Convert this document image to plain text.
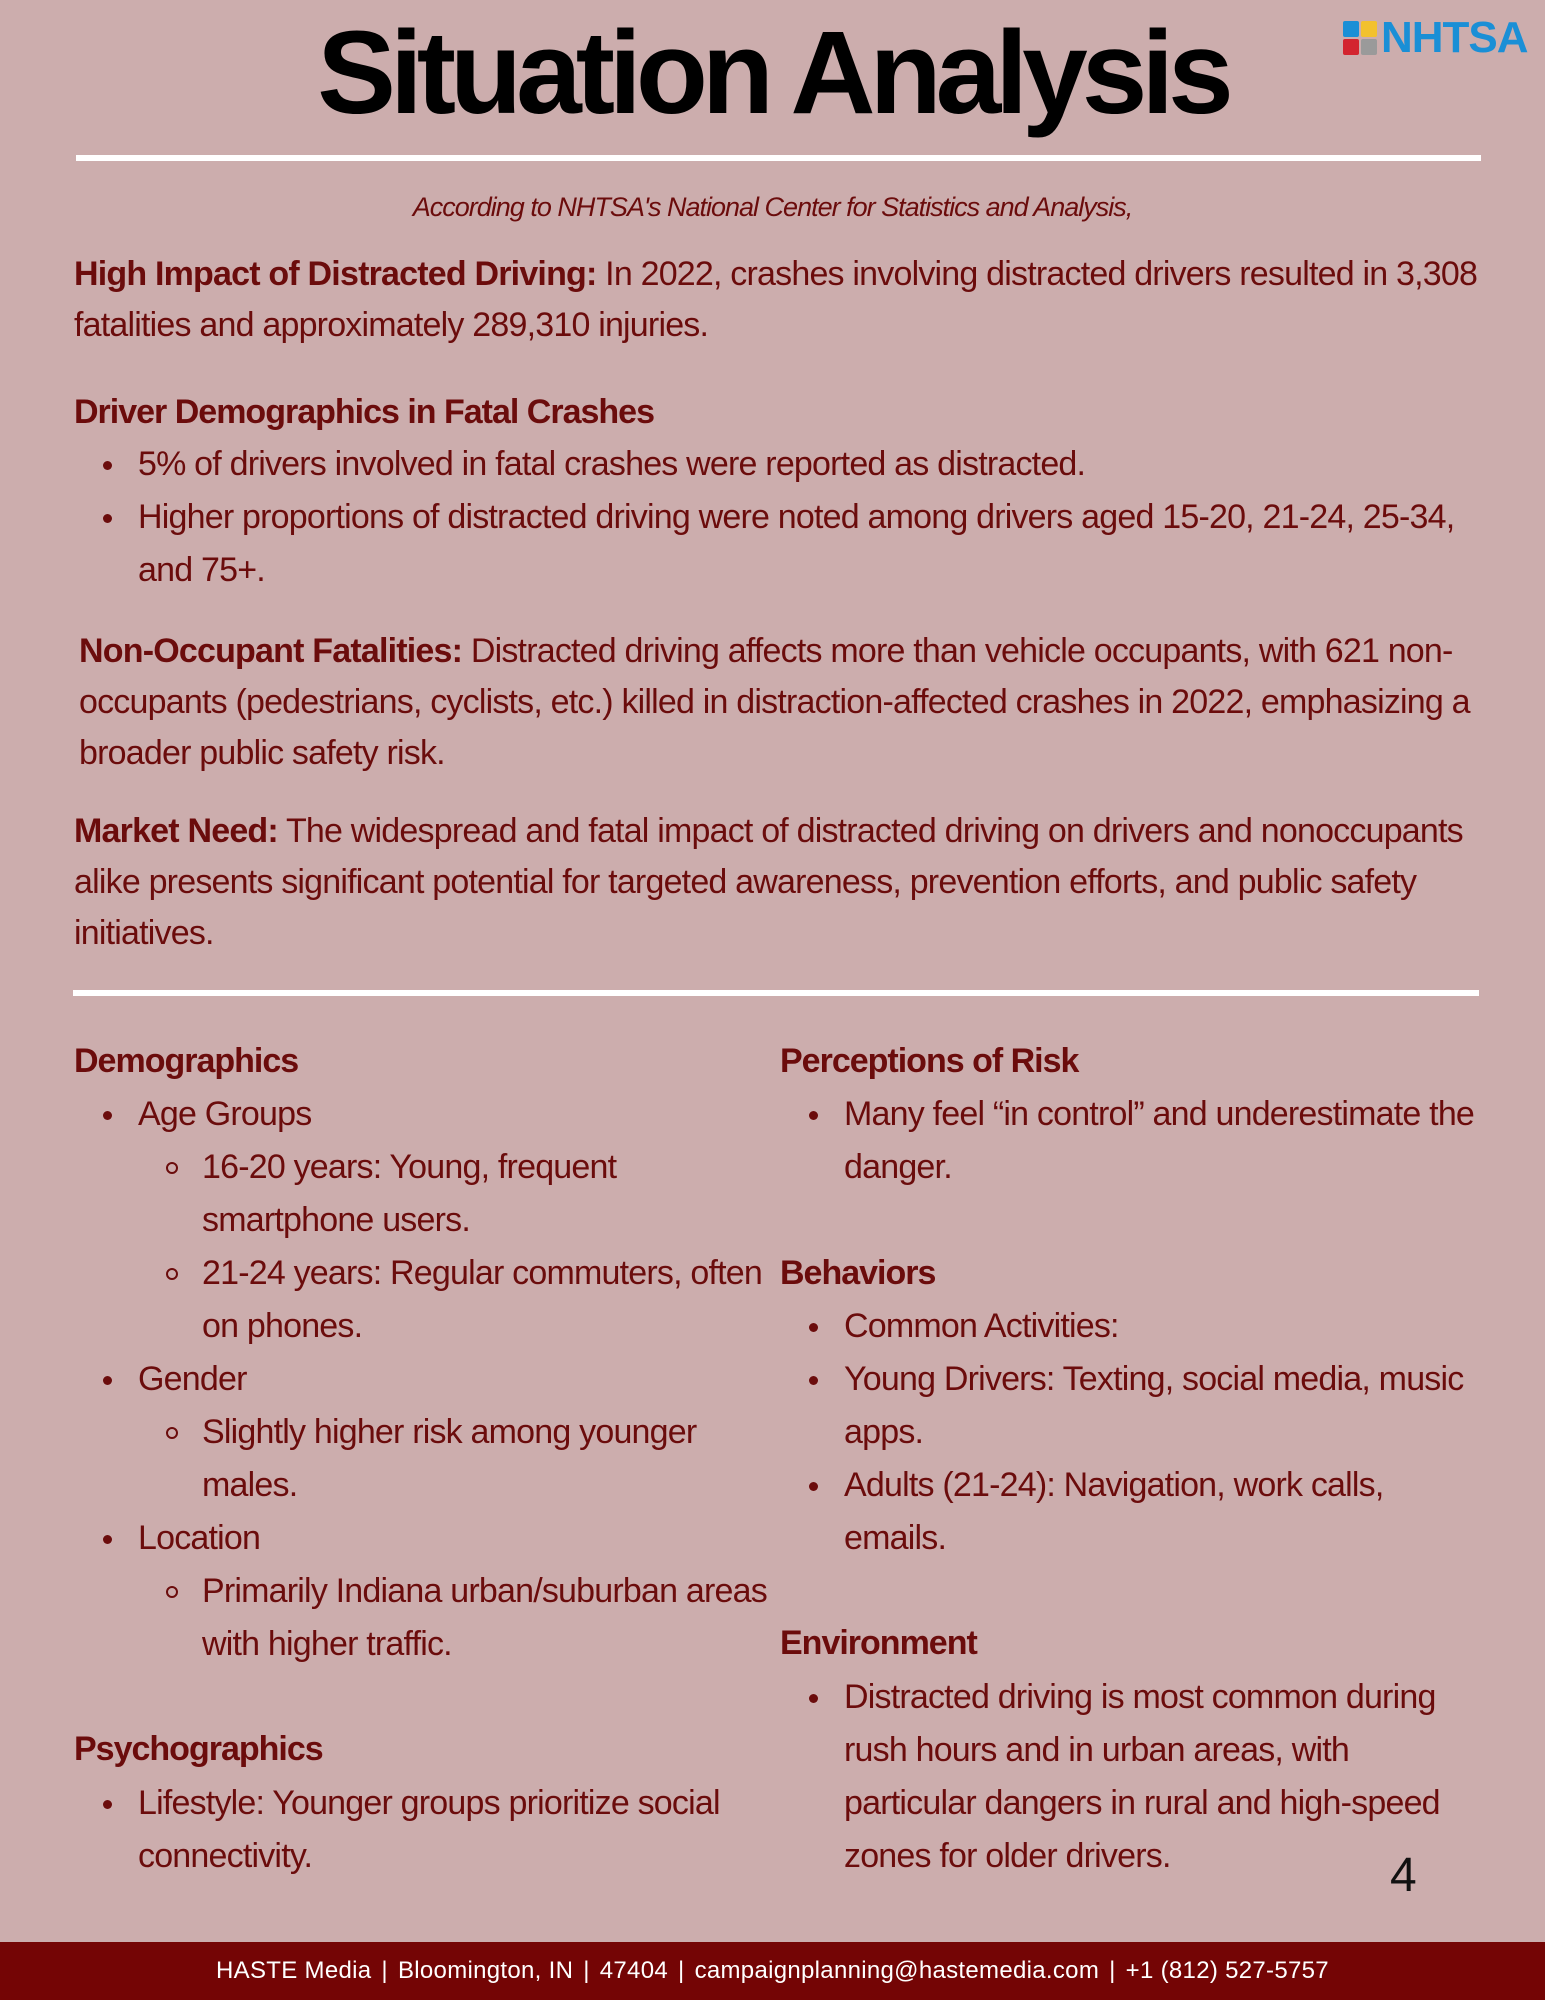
Situation Analysis	NHTSA
According to NHTSA's National Center for Statistics and Analysis,

High Impact of Distracted Driving: In 2022, crashes involving distracted drivers resulted in 3,308 fatalities and approximately 289,310 injuries.

Driver Demographics in Fatal Crashes
5% of drivers involved in fatal crashes were reported as distracted.
Higher proportions of distracted driving were noted among drivers aged 15-20, 21-24, 25-34, and 75+.

Non-Occupant Fatalities: Distracted driving affects more than vehicle occupants, with 621 non-occupants (pedestrians, cyclists, etc.) killed in distraction-affected crashes in 2022, emphasizing a broader public safety risk.

Market Need: The widespread and fatal impact of distracted driving on drivers and nonoccupants alike presents significant potential for targeted awareness, prevention efforts, and public safety initiatives.

Demographics
Age Groups
16-20 years: Young, frequent smartphone users.
21-24 years: Regular commuters, often on phones.
Gender
Slightly higher risk among younger males.
Location
Primarily Indiana urban/suburban areas with higher traffic.
Psychographics
Lifestyle: Younger groups prioritize social connectivity.
Perceptions of Risk
Many feel “in control” and underestimate the danger.
Behaviors
Common Activities:
Young Drivers: Texting, social media, music apps.
Adults (21-24): Navigation, work calls, emails.
Environment
Distracted driving is most common during rush hours and in urban areas, with particular dangers in rural and high-speed zones for older drivers.	4
HASTE Media | Bloomington, IN | 47404 | campaignplanning@hastemedia.com | +1 (812) 527-5757
